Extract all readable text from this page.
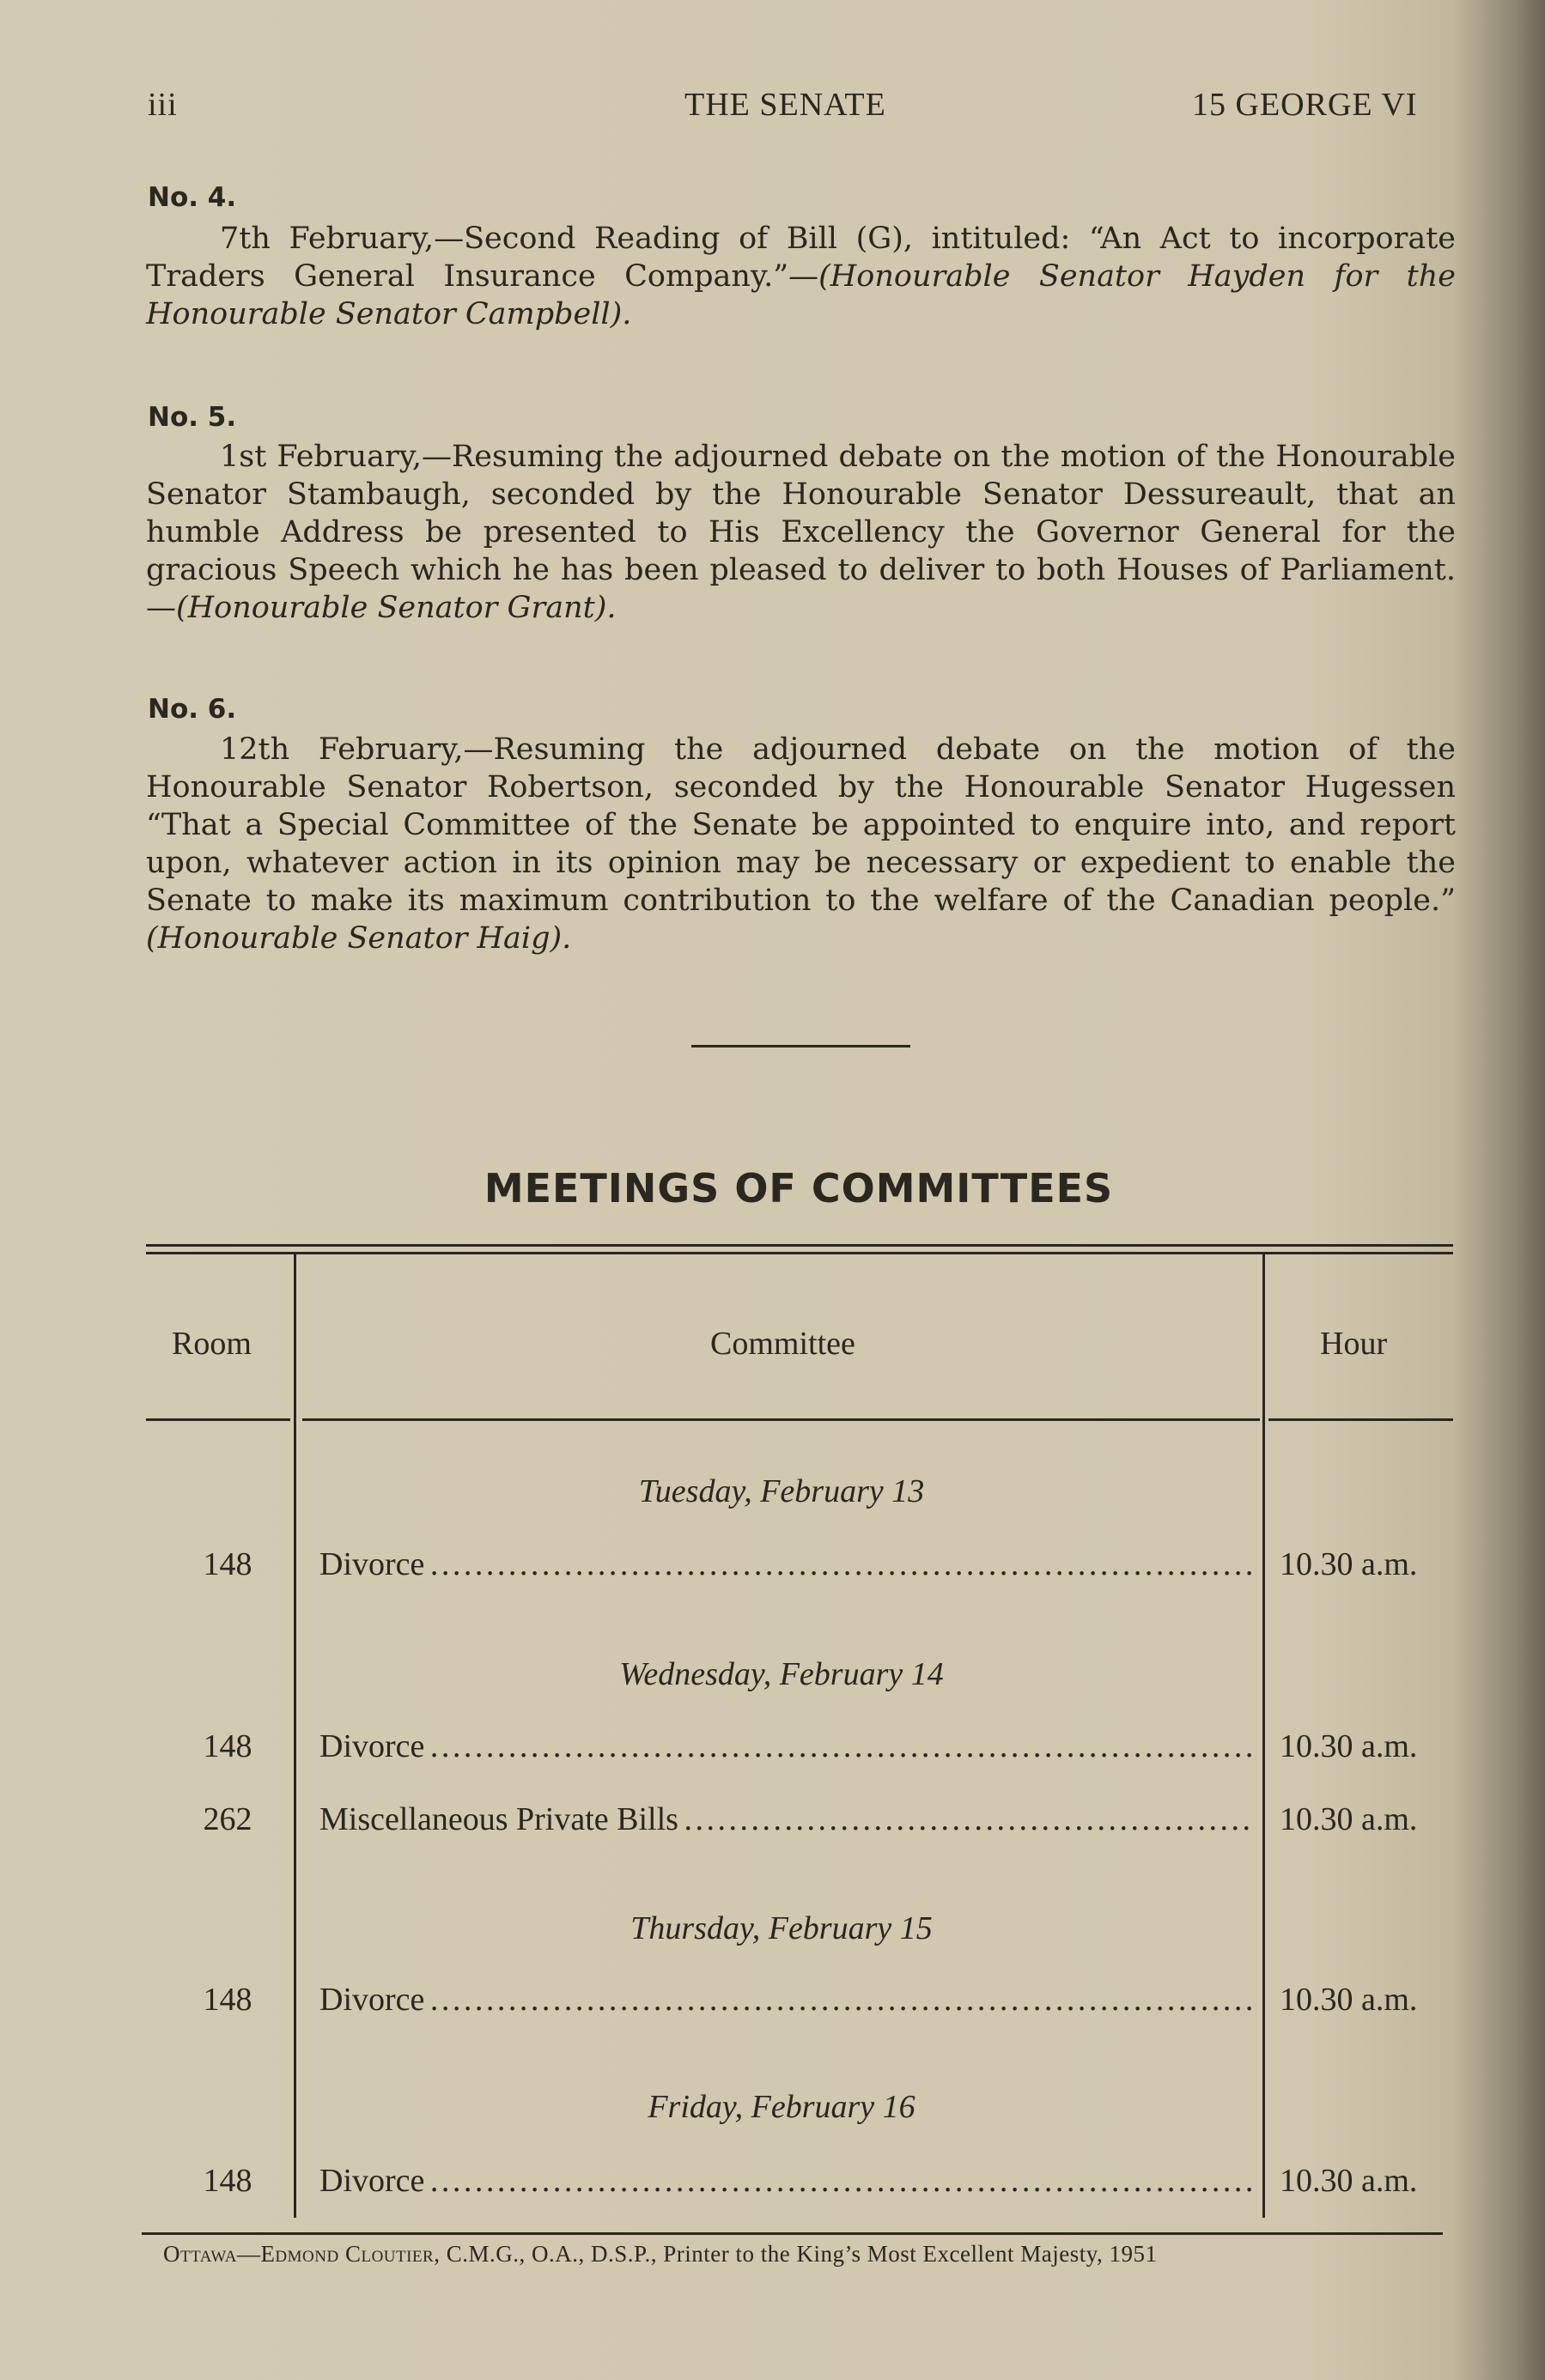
iii	THE SENATE	15 GEORGE VI
No. 4.

7th February,—Second Reading of Bill (G), intituled: “An Act to incorporate Traders General Insurance Company.”—(Honourable Senator Hayden for the Honourable Senator Campbell).

No. 5.

1st February,—Resuming the adjourned debate on the motion of the Honourable Senator Stambaugh, seconded by the Honourable Senator Dessureault, that an humble Address be presented to His Excellency the Governor General for the gracious Speech which he has been pleased to deliver to both Houses of Parliament.—(Honourable Senator Grant).

No. 6.

12th February,—Resuming the adjourned debate on the motion of the Honourable Senator Robertson, seconded by the Honourable Senator Hugessen “That a Special Committee of the Senate be appointed to enquire into, and report upon, whatever action in its opinion may be necessary or expedient to enable the Senate to make its maximum contribution to the welfare of the Canadian people.” (Honourable Senator Haig).

MEETINGS OF COMMITTEES
Room	Committee	Hour
Tuesday, February 13
148 Divorce . . .	10.30 a.m.
Wednesday, February 14
148 Divorce . . .	10.30 a.m.
262 Miscellaneous Private Bills . . .	10.30 a.m.
Thursday, February 15
148 Divorce . . .	10.30 a.m.
Friday, February 16
148 Divorce . . .	10.30 a.m.
Ottawa—Edmond Cloutier, C.M.G., O.A., D.S.P., Printer to the King’s Most Excellent Majesty, 1951
